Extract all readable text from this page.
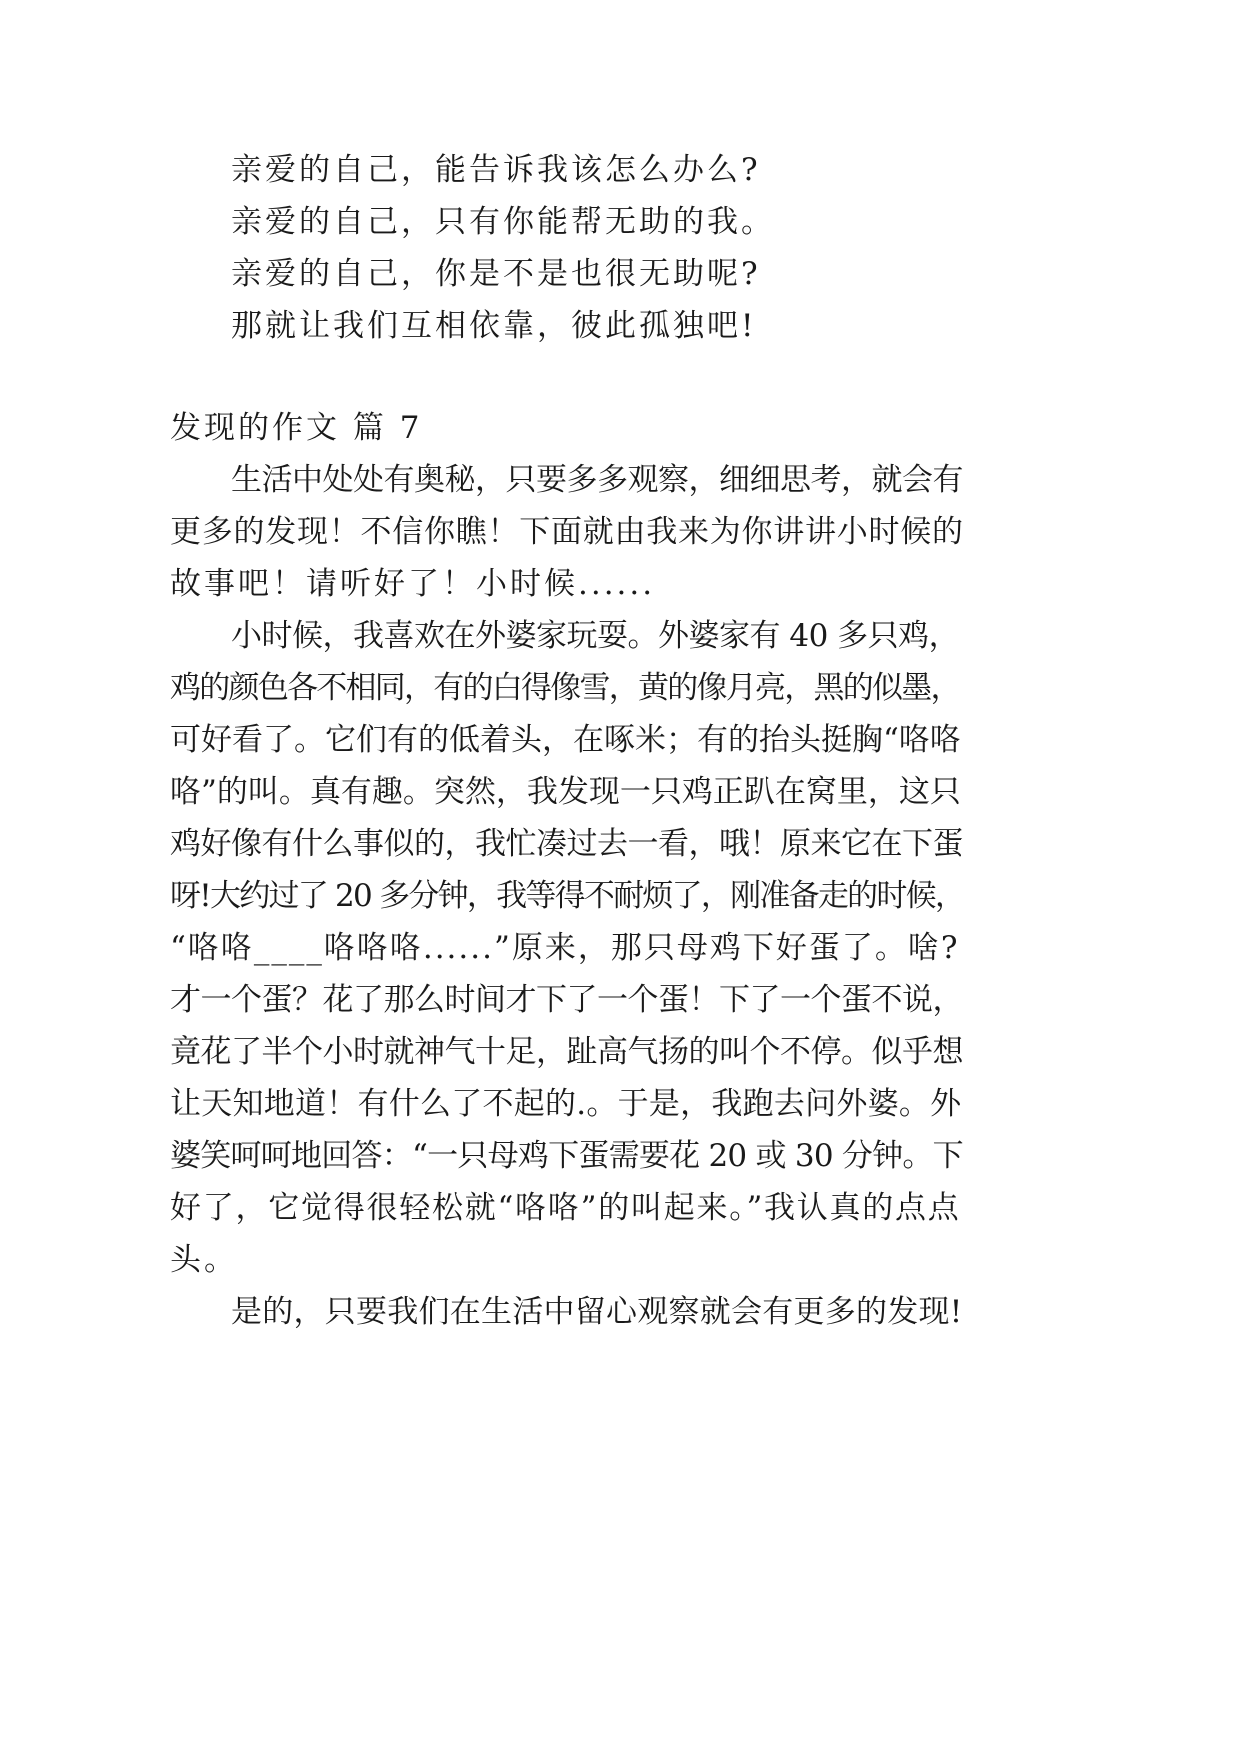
亲爱的自己，能告诉我该怎么办么?
亲爱的自己，只有你能帮无助的我。
亲爱的自己，你是不是也很无助呢?
那就让我们互相依靠，彼此孤独吧!
发现的作文 篇 7
生活中处处有奥秘，只要多多观察，细细思考，就会有
更多的发现！不信你瞧！下面就由我来为你讲讲小时候的
故事吧！请听好了！小时候......
小时候，我喜欢在外婆家玩耍。外婆家有 40 多只鸡，
鸡的颜色各不相同，有的白得像雪，黄的像月亮，黑的似墨，
可好看了。它们有的低着头，在啄米；有的抬头挺胸“咯咯
咯”的叫。真有趣。突然，我发现一只鸡正趴在窝里，这只
鸡好像有什么事似的，我忙凑过去一看，哦！原来它在下蛋
呀!大约过了 20 多分钟，我等得不耐烦了，刚准备走的时候，
“咯咯____咯咯咯......”原来，那只母鸡下好蛋了。啥?
才一个蛋？花了那么时间才下了一个蛋！下了一个蛋不说，
竟花了半个小时就神气十足，趾高气扬的叫个不停。似乎想
让天知地道！有什么了不起的.。于是，我跑去问外婆。外
婆笑呵呵地回答：“一只母鸡下蛋需要花 20 或 30 分钟。下
好了，它觉得很轻松就“咯咯”的叫起来。”我认真的点点
头。
是的，只要我们在生活中留心观察就会有更多的发现!
